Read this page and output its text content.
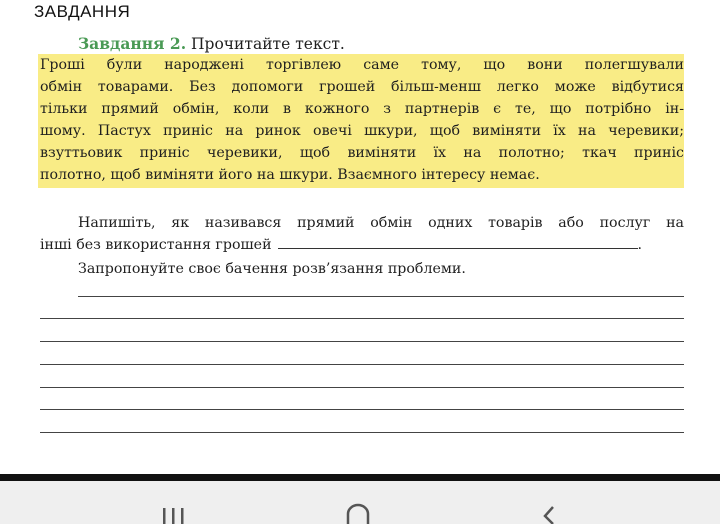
ЗАВДАННЯ
Завдання 2. Прочитайте текст.
Гроші були народжені торгівлею саме тому, що вони полегшували
обмін товарами. Без допомоги грошей більш-менш легко може відбутися
тільки прямий обмін, коли в кожного з партнерів є те, що потрібно ін-
шому. Пастух приніс на ринок овечі шкури, щоб виміняти їх на черевики;
взуттьовик приніс черевики, щоб виміняти їх на полотно; ткач приніс
полотно, щоб виміняти його на шкури. Взаємного інтересу немає.
Напишіть, як називався прямий обмін одних товарів або послуг на
інші без використання грошей	.
Запропонуйте своє бачення розв’язання проблеми.
